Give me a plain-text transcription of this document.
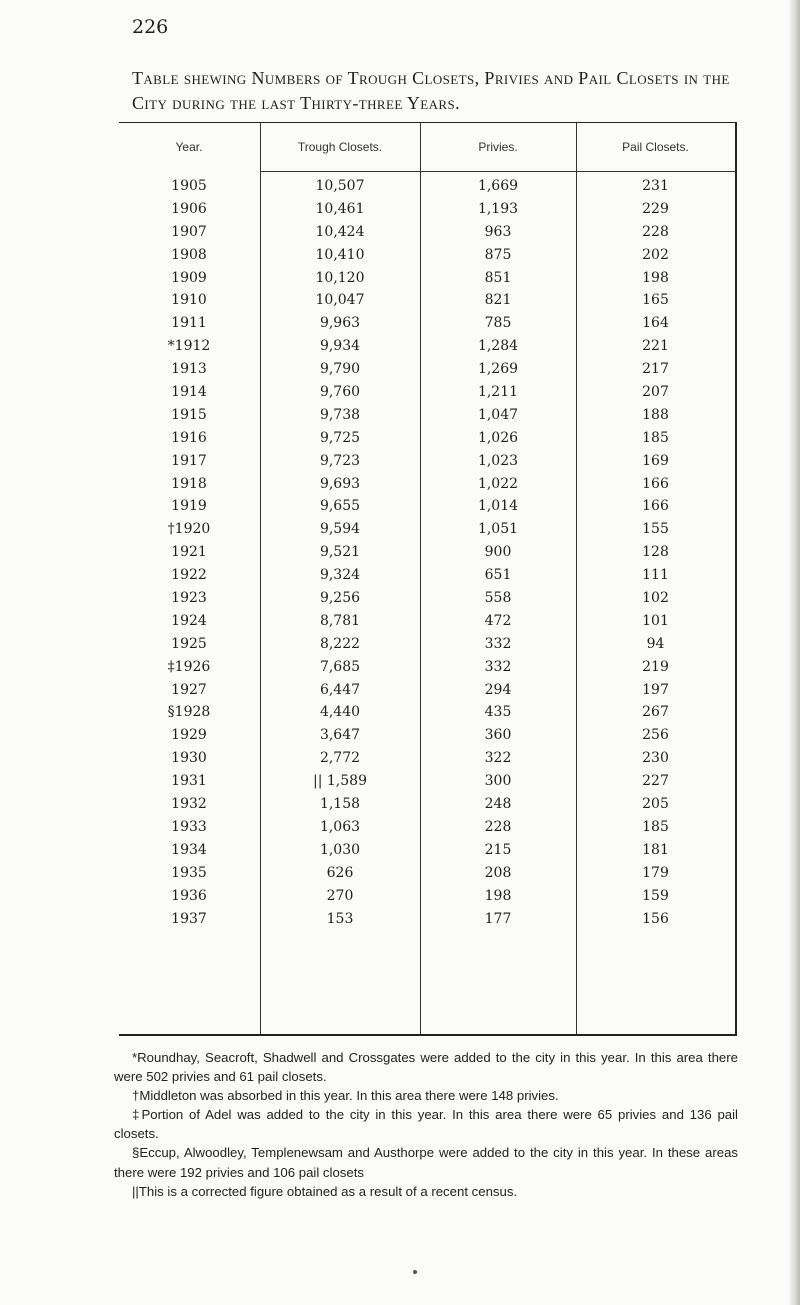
226
Table shewing Numbers of Trough Closets, Privies and Pail Closets in the City during the last Thirty-three Years.
Year.	Trough Closets.	Privies.	Pail Closets.
1905	10,507	1,669	231
1906	10,461	1,193	229
1907	10,424	963	228
1908	10,410	875	202
1909	10,120	851	198
1910	10,047	821	165
1911	9,963	785	164
*1912	9,934	1,284	221
1913	9,790	1,269	217
1914	9,760	1,211	207
1915	9,738	1,047	188
1916	9,725	1,026	185
1917	9,723	1,023	169
1918	9,693	1,022	166
1919	9,655	1,014	166
†1920	9,594	1,051	155
1921	9,521	900	128
1922	9,324	651	111
1923	9,256	558	102
1924	8,781	472	101
1925	8,222	332	94
‡1926	7,685	332	219
1927	6,447	294	197
§1928	4,440	435	267
1929	3,647	360	256
1930	2,772	322	230
1931	|| 1,589	300	227
1932	1,158	248	205
1933	1,063	228	185
1934	1,030	215	181
1935	626	208	179
1936	270	198	159
1937	153	177	156

*Roundhay, Seacroft, Shadwell and Crossgates were added to the city in this year. In this area there were 502 privies and 61 pail closets.

†Middleton was absorbed in this year. In this area there were 148 privies.

‡Portion of Adel was added to the city in this year. In this area there were 65 privies and 136 pail closets.

§Eccup, Alwoodley, Templenewsam and Austhorpe were added to the city in this year. In these areas there were 192 privies and 106 pail closets

||This is a corrected figure obtained as a result of a recent census.
